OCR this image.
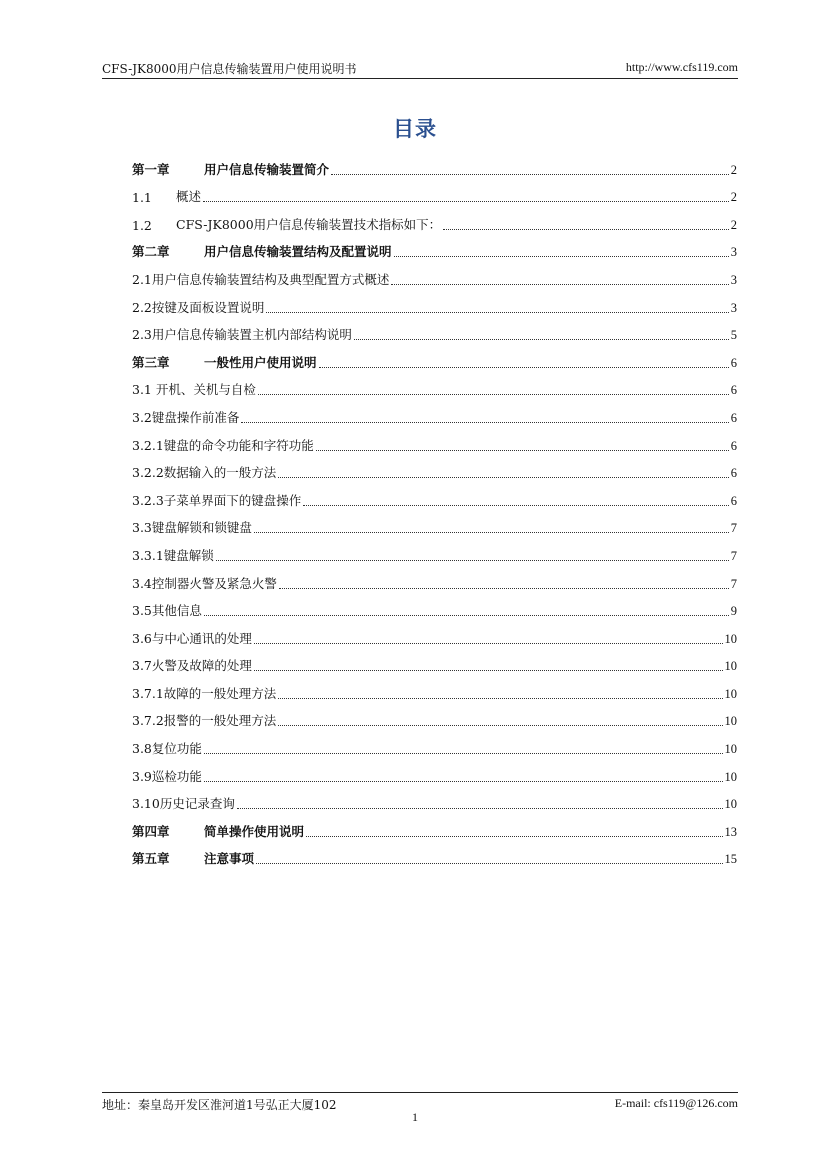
CFS-JK8000用户信息传输装置用户使用说明书	http://www.cfs119.com
目录
第一章	用户信息传输装置简介	2
1.1	概述	2
1.2	CFS-JK8000用户信息传输装置技术指标如下：	2
第二章	用户信息传输装置结构及配置说明	3
2.1用户信息传输装置结构及典型配置方式概述	3
2.2按键及面板设置说明	3
2.3用户信息传输装置主机内部结构说明	5
第三章	一般性用户使用说明	6
3.1 开机、关机与自检	6
3.2键盘操作前准备	6
3.2.1键盘的命令功能和字符功能	6
3.2.2数据输入的一般方法	6
3.2.3子菜单界面下的键盘操作	6
3.3键盘解锁和锁键盘	7
3.3.1键盘解锁	7
3.4控制器火警及紧急火警	7
3.5其他信息	9
3.6与中心通讯的处理	10
3.7火警及故障的处理	10
3.7.1故障的一般处理方法	10
3.7.2报警的一般处理方法	10
3.8复位功能	10
3.9巡检功能	10
3.10历史记录查询	10
第四章	简单操作使用说明	13
第五章	注意事项	15
地址：秦皇岛开发区淮河道1号弘正大厦102	E-mail: cfs119@126.com
1
